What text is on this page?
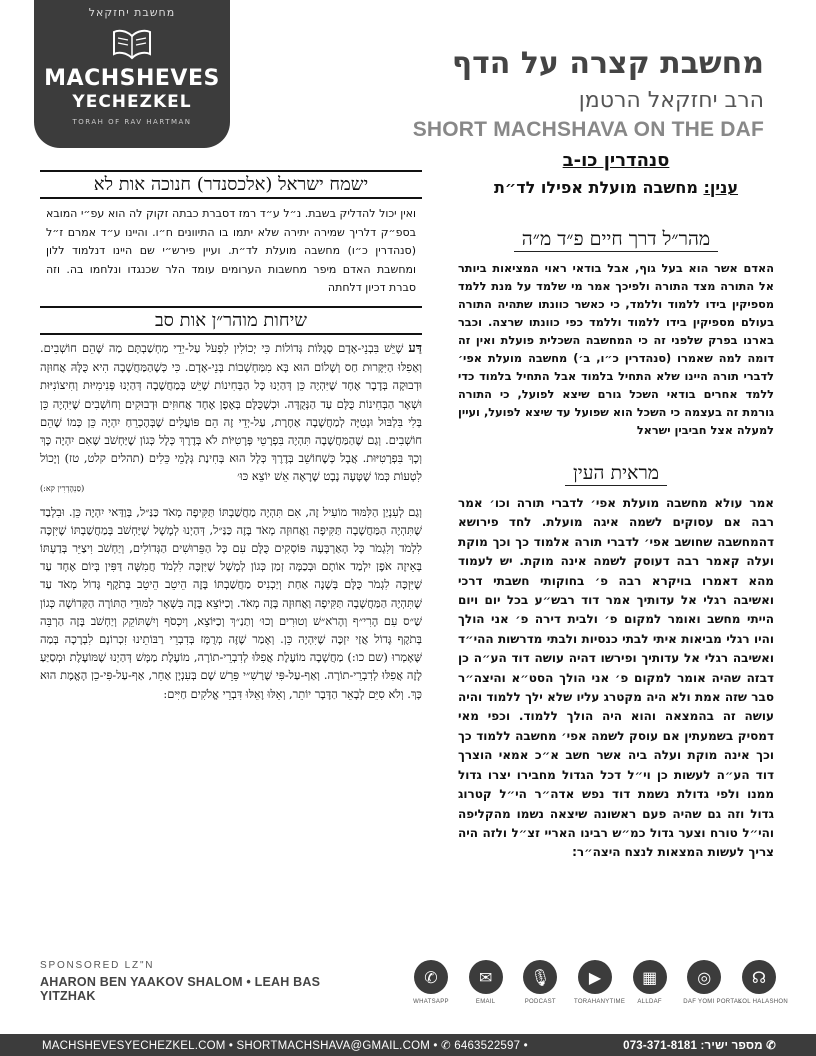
מחשבת יחזקאל
MACHSHEVES
YECHEZKEL
TORAH OF RAV HARTMAN
מחשבת קצרה על הדף
הרב יחזקאל הרטמן
SHORT MACHSHAVA ON THE DAF
סנהדרין כו-ב
ענין: מחשבה מועלת אפילו לד״ת
מהר״ל דרך חיים פ״ד מ״ה
האדם אשר הוא בעל גוף, אבל בודאי ראוי המציאות ביותר אל התורה מצד התורה ולפיכך אמר מי שלמד על מנת ללמד מספיקין בידו ללמוד וללמד, כי כאשר כוונתו שתהיה התורה בעולם מספיקין בידו ללמוד וללמד כפי כוונתו שרצה. וכבר בארנו בפרק שלפני זה כי המחשבה השכלית פועלת ואין זה דומה למה שאמרו (סנהדרין כ״ו, ב׳) מחשבה מועלת אפי׳ לדברי תורה היינו שלא התחיל בלמוד אבל התחיל בלמוד כדי ללמד אחרים בודאי השכל גורם שיצא לפועל, כי התורה גורמת זה בעצמה כי השכל הוא שפועל עד שיצא לפועל, ועיין למעלה אצל חביבין ישראל
מראית העין
אמר עולא מחשבה מועלת אפי׳ לדברי תורה וכו׳ אמר רבה אם עסוקים לשמה איגה מועלת. לחד פירושא דהמחשבה שחושב אפי׳ לדברי תורה אלמוד כך וכך מוקת ועלה קאמר רבה דעוסק לשמה אינה מוקת. יש לעמוד מהא דאמרו בויקרא רבה פ׳ בחוקותי חשבתי דרכי ואשיבה רגלי אל עדותיך אמר דוד רבש״ע בכל יום ויום הייתי מחשב ואומר למקום פ׳ ולבית דירה פ׳ אני הולך והיו רגלי מביאות איתי לבתי כנסיות ולבתי מדרשות ההי״ד ואשיבה רגלי אל עדותיך ופירשו דהיה עושה דוד הע״ה כן דבזה שהיה אומר למקום פ׳ אני הולך הסט״א והיצה״ר סבר שזה אמת ולא היה מקטרג עליו שלא ילך ללמוד והיה עושה זה בהמצאה והוא היה הולך ללמוד. וכפי מאי דמסיק בשמעתין אם עוסק לשמה אפי׳ מחשבה ללמוד כך וכך אינה מוקת ועלה ביה אשר חשב א״כ אמאי הוצרך דוד הע״ה לעשות כן וי״ל דכל הגדול מחבירו יצרו גדול ממנו ולפי גדולת נשמת דוד נפש אדה״ר הי״ל קטרוג גדול וזה גם שהיה פעם ראשונה שיצאה נשמו מהקליפה והי״ל טורח וצער גדול כמ״ש רבינו האריי זצ״ל ולזה היה צריך לעשות המצאות לנצח היצה״ר:
ישמח ישראל (אלכסנדר) חנוכה אות לא
ואין יכול להדליק בשבת. נ״ל ע״ד רמז דסברת כבתה זקוק לה הוא עפ״י המובא בספ״ק דלריך שמירה יתירה שלא יתמו בו התיוונים ח״ו. והיינו ע״ד אמרם ז״ל (סנהדרין כ״ו) מחשבה מועלת לד״ת. ועיין פירש״י שם היינו דנלמוד ללון ומחשבת האדם מיפר מחשבות הערומים עומד הלר שכנגדו ונלחמו בה. וזה סברת דכיון דלחתה
שיחות מוהר״ן אות סב
דַּע שֶׁיֵּשׁ בִּבְנֵי-אָדָם סְגֻלּוֹת גְּדוֹלוֹת כִּי יְכוֹלִין לִפְעֹל עַל-יְדֵי מַחְשַׁבְתָּם מַה שֶּׁהֵם חוֹשְׁבִים. וְאַפִלּוּ הַיִּקָּרוּת חַס וְשָׁלוֹם הוּא בָּא מִמַּחְשְׁבוֹת בְּנֵי-אָדָם. כִּי כְּשֶׁהַמַּחֲשָׁבָה הִיא כֻּלָּהּ אֲחוּזָה וּדְבוּקָה בְּדָבָר אֶחָד שֶׁיִּהְיֶה כֵּן דְּהַיְנוּ כָּל הַבְּחִינוֹת שֶׁיֵּשׁ בְּמַחֲשָׁבָה דְּהַיְנוּ פְּנִימִיּוּת וְחִיצוֹנִיּוּת וּשְׁאָר הַבְּחִינוֹת כֻּלָּם עַד הַנְּקֻדָּה. וּכְשֶׁכֻּלָּם בְּאֶפֶן אֶחָד אֲחוּזִים וּדְבוּקִים וְחוֹשְׁבִים שֶׁיִּהְיֶה כֵּן בְּלִי בִּלְבּוּל וּנְטִיָּה לְמַחֲשָׁבָה אַחֶרֶת, עַל-יְדֵי זֶה הֵם פּוֹעֲלִים שֶׁבְּהֶכְרֵחַ יִהְיֶה כֵּן כְּמוֹ שֶׁהֵם חוֹשְׁבִים. וְגַם שֶׁהַמַּחֲשָׁבָה תִּהְיֶה בִּפְרָטֵי פְּרָטִיּוֹת לֹא בְּדֶרֶךְ כְּלָל כְּגוֹן שֶׁיַּחְשֹׁב שֶׁאִם יִהְיֶה כָּךְ וְכָךְ בִּפְרָטִיּוּת. אֲבָל כְּשֶׁחוֹשֵׁב בְּדֶרֶךְ כְּלָל הוּא בְּחִינַת גְּלָמֵי כֵּלִים (תהלים קלט, טז) וְיָכוֹל לִטְעוֹת כְּמוֹ שֶׁטָּעָה נָבָט שֶׁרָאָה אֵשׁ יוֹצֵא כּוּ׳
(סַנְהֶדְרִין קא:)
וְגַם לְעִנְיַן הַלִּמּוּד מוֹעִיל זֶה, אִם תִּהְיֶה מַחֲשַׁבְתּוֹ תַּקִּיפָה מְאֹד כַּנַּ״ל, בְּוַדַּאי יִהְיֶה כֵּן. וּבִלְבַד שֶׁתִּהְיֶה הַמַּחֲשָׁבָה תַּקִּיפָה וַאֲחוּזָה מְאֹד בָּזֶה כַּנַּ״ל, דְּהַיְנוּ לְמָשָׁל שֶׁיַּחְשֹׁב בְּמַחֲשַׁבְתּוֹ שֶׁיִּזְכֶּה לִלְמֹד וְלִגְמֹר כָּל הָאַרְבָּעָה פּוֹסְקִים כֻּלָּם עִם כָּל הַפֵּרוּשִׁים הַגְּדוֹלִים, וְיַחְשֹׁב וִיצַיֵּר בְּדַעְתּוֹ בְּאֵיזֶה אֹפֶן יִלְמַד אוֹתָם וּבְכַמָּה זְמַן כְּגוֹן לְמָשָׁל שֶׁיִּזְכֶּה לִלְמֹד חֲמִשָּׁה דַּפִּין בְּיוֹם אֶחָד עַד שֶׁיִּזְכֶּה לִגְמֹר כֻּלָּם בְּשָׁנָה אַחַת וְיַכְנִיס מַחֲשַׁבְתּוֹ בָּזֶה הֵיטֵב הֵיטֵב בְּתֹקֶף גָּדוֹל מְאֹד עַד שֶׁתִּהְיֶה הַמַּחֲשָׁבָה תַּקִּיפָה וַאֲחוּזָה בָּזֶה מְאֹד. וְכַיּוֹצֵא בָּזֶה בִּשְׁאָר לִמּוּדֵי הַתּוֹרָה הַקְּדוֹשָׁה כְּגוֹן שַׁ״ס עִם הָרִי״ף וְהָרֹא״שׁ וְטוּרִים וְכוּ׳ וְתַנַ״ךְ וְכַיּוֹצֵא, וְיִכְסֹף וְיִשְׁתּוֹקֵק וְיַחְשֹׁב בָּזֶה הַרְבֵּה בְּתֹקֶף גָּדוֹל אֲזַי יִזְכֶּה שֶׁיִּהְיֶה כֵּן. וְאָמַר שֶׁזֶּה מְרֻמָּז בְּדִבְרֵי רַבּוֹתֵינוּ זִכְרוֹנָם לִבְרָכָה בְּמַה שֶּׁאָמְרוּ (שם כו:) מַחֲשָׁבָה מוֹעֶלֶת אֲפִלּוּ לְדִבְרֵי-תוֹרָה, מוֹעֶלֶת מַמָּשׁ דְּהַיְנוּ שֶׁמּוֹעֶלֶת וּמְסַיַּעַ לָזֶה אֲפִלּוּ לְדִבְרֵי-תוֹרָה. וְאַף-עַל-פִּי שֶׁרַשִׁ״י פֵּרֵשׁ שָׁם בְּעִנְיָן אַחֵר, אַף-עַל-פִּי-כֵן הָאֱמֶת הוּא כָּךְ. וְלֹא סִיֵּם לְבָאֵר הַדָּבָר יוֹתֵר, וְאֵלּוּ וָאֵלּוּ דִּבְרֵי אֱלֹקִים חַיִּים:
SPONSORED LZ"N
AHARON BEN YAAKOV SHALOM • LEAH BAS YITZHAK
✆
WHATSAPP
✉
EMAIL
🎙
PODCAST
▶
TORAHANYTIME
▦
ALLDAF
◎
DAF YOMI PORTAL
☊
KOL HALASHON
MACHSHEVESYECHEZKEL.COM • SHORTMACHSHAVA@GMAIL.COM • ✆ 6463522597 •	073-371-8181 :מספר ישיר ✆
